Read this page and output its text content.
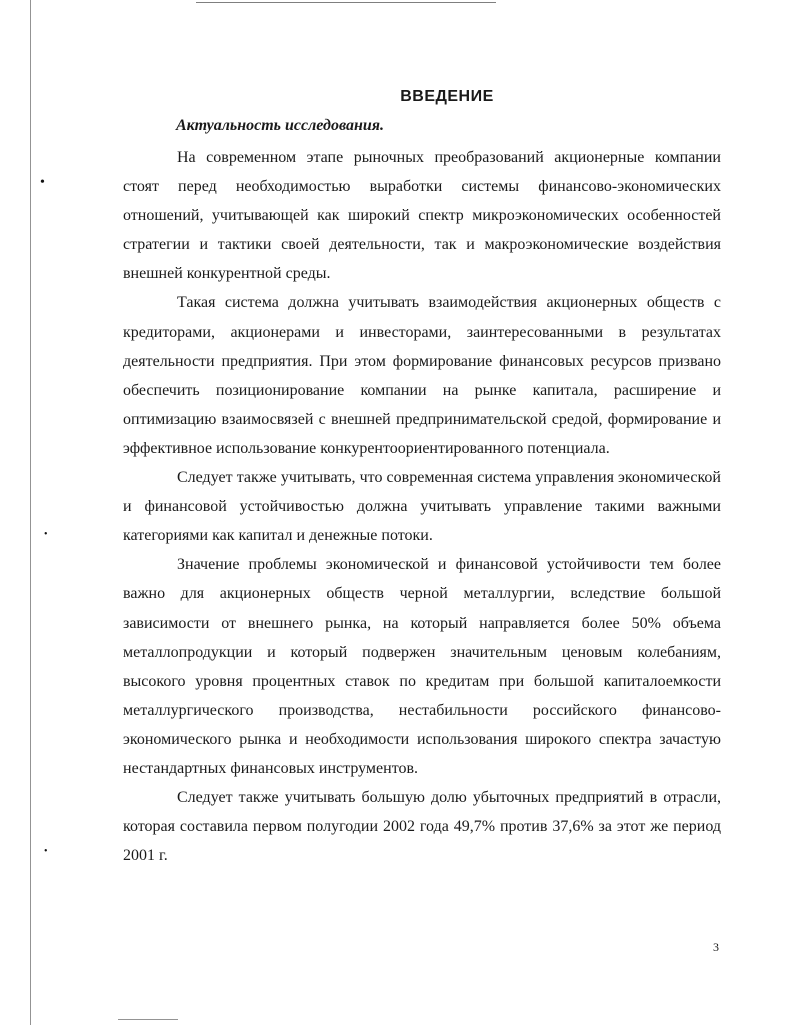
•
•
•
ВВЕДЕНИЕ
Актуальность исследования.

На современном этапе рыночных преобразований акционерные компании стоят перед необходимостью выработки системы финансово-экономических отношений, учитывающей как широкий спектр микроэкономических особенностей стратегии и тактики своей деятельности, так и макроэкономические воздействия внешней конкурентной среды.

Такая система должна учитывать взаимодействия акционерных обществ с кредиторами, акционерами и инвесторами, заинтересованными в результатах деятельности предприятия. При этом формирование финансовых ресурсов призвано обеспечить позиционирование компании на рынке капитала, расширение и оптимизацию взаимосвязей с внешней предпринимательской средой, формирование и эффективное использование конкурентоориентированного потенциала.

Следует также учитывать, что современная система управления экономической и финансовой устойчивостью должна учитывать управление такими важными категориями как капитал и денежные потоки.

Значение проблемы экономической и финансовой устойчивости тем более важно для акционерных обществ черной металлургии, вследствие большой зависимости от внешнего рынка, на который направляется более 50% объема металлопродукции и который подвержен значительным ценовым колебаниям, высокого уровня процентных ставок по кредитам при большой капиталоемкости металлургического производства, нестабильности российского финансово-экономического рынка и необходимости использования широкого спектра зачастую нестандартных финансовых инструментов.

Следует также учитывать большую долю убыточных предприятий в отрасли, которая составила первом полугодии 2002 года 49,7% против 37,6% за этот же период 2001 г.

3
